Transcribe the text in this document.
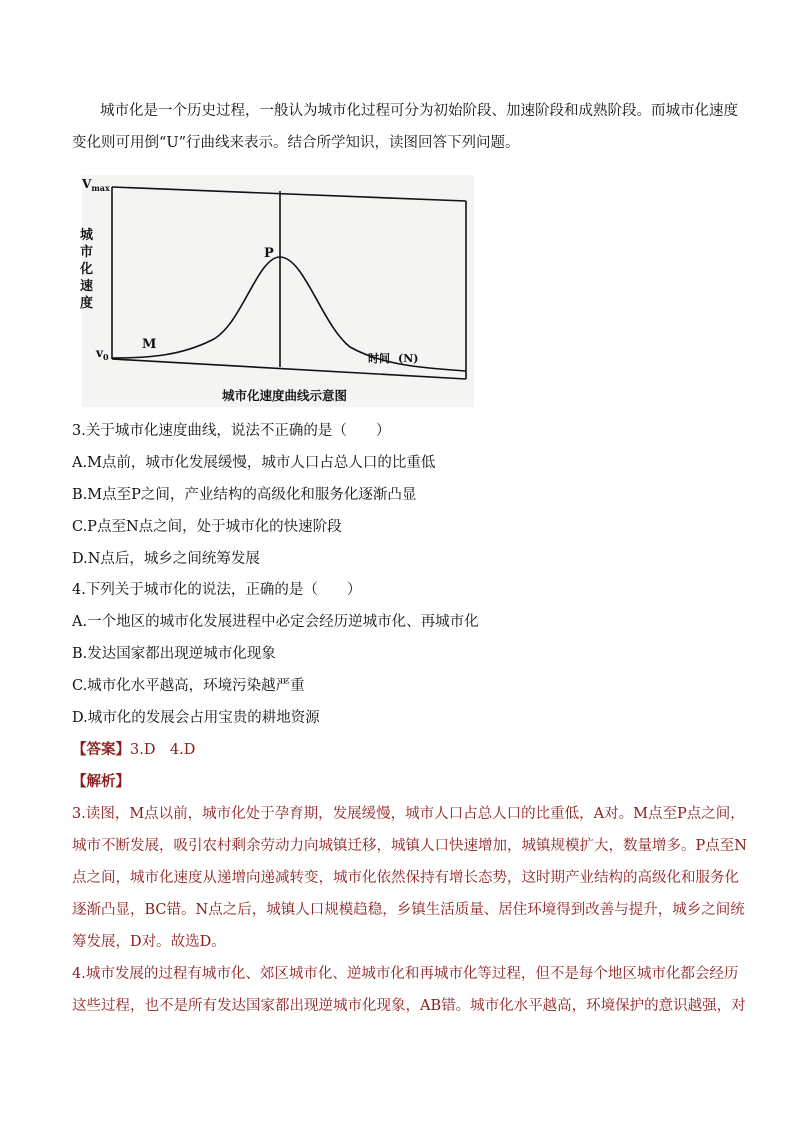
城市化是一个历史过程，一般认为城市化过程可分为初始阶段、加速阶段和成熟阶段。而城市化速度
变化则可用倒“U”行曲线来表示。结合所学知识，读图回答下列问题。
$V_{max}$
$v_0$
城
市
化
速
度
P
M
时间 (N)
城市化速度曲线示意图
3.关于城市化速度曲线，说法不正确的是（　　）
A.M点前，城市化发展缓慢，城市人口占总人口的比重低
B.M点至P之间，产业结构的高级化和服务化逐渐凸显
C.P点至N点之间，处于城市化的快速阶段
D.N点后，城乡之间统筹发展
4.下列关于城市化的说法，正确的是（　　）
A.一个地区的城市化发展进程中必定会经历逆城市化、再城市化
B.发达国家都出现逆城市化现象
C.城市化水平越高，环境污染越严重
D.城市化的发展会占用宝贵的耕地资源
【答案】3.D　4.D
【解析】
3.读图，M点以前，城市化处于孕育期，发展缓慢，城市人口占总人口的比重低，A对。M点至P点之间，
城市不断发展，吸引农村剩余劳动力向城镇迁移，城镇人口快速增加，城镇规模扩大，数量增多。P点至N
点之间，城市化速度从递增向递减转变，城市化依然保持有增长态势，这时期产业结构的高级化和服务化
逐渐凸显，BC错。N点之后，城镇人口规模趋稳，乡镇生活质量、居住环境得到改善与提升，城乡之间统
筹发展，D对。故选D。
4.城市发展的过程有城市化、郊区城市化、逆城市化和再城市化等过程，但不是每个地区城市化都会经历
这些过程，也不是所有发达国家都出现逆城市化现象，AB错。城市化水平越高，环境保护的意识越强，对
